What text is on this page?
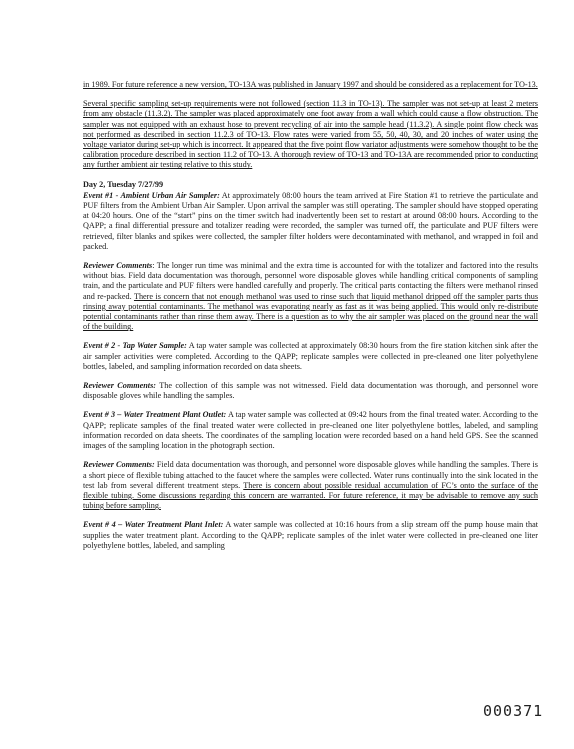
in 1989. For future reference a new version, TO-13A was published in January 1997 and should be considered as a replacement for TO-13.

Several specific sampling set-up requirements were not followed (section 11.3 in TO-13). The sampler was not set-up at least 2 meters from any obstacle (11.3.2). The sampler was placed approximately one foot away from a wall which could cause a flow obstruction. The sampler was not equipped with an exhaust hose to prevent recycling of air into the sample head (11.3.2). A single point flow check was not performed as described in section 11.2.3 of TO-13. Flow rates were varied from 55, 50, 40, 30, and 20 inches of water using the voltage variator during set-up which is incorrect. It appeared that the five point flow variator adjustments were somehow thought to be the calibration procedure described in section 11.2 of TO-13. A thorough review of TO-13 and TO-13A are recommended prior to conducting any further ambient air testing relative to this study.

Day 2, Tuesday 7/27/99

Event #1 - Ambient Urban Air Sampler: At approximately 08:00 hours the team arrived at Fire Station #1 to retrieve the particulate and PUF filters from the Ambient Urban Air Sampler. Upon arrival the sampler was still operating. The sampler should have stopped operating at 04:20 hours. One of the “start” pins on the timer switch had inadvertently been set to restart at around 08:00 hours. According to the QAPP; a final differential pressure and totalizer reading were recorded, the sampler was turned off, the particulate and PUF filters were retrieved, filter blanks and spikes were collected, the sampler filter holders were decontaminated with methanol, and wrapped in foil and packed.

Reviewer Comments: The longer run time was minimal and the extra time is accounted for with the totalizer and factored into the results without bias. Field data documentation was thorough, personnel wore disposable gloves while handling critical components of sampling train, and the particulate and PUF filters were handled carefully and properly. The critical parts contacting the filters were methanol rinsed and re-packed. There is concern that not enough methanol was used to rinse such that liquid methanol dripped off the sampler parts thus rinsing away potential contaminants. The methanol was evaporating nearly as fast as it was being applied. This would only re-distribute potential contaminants rather than rinse them away. There is a question as to why the air sampler was placed on the ground near the wall of the building.

Event # 2 - Tap Water Sample: A tap water sample was collected at approximately 08:30 hours from the fire station kitchen sink after the air sampler activities were completed. According to the QAPP; replicate samples were collected in pre-cleaned one liter polyethylene bottles, labeled, and sampling information recorded on data sheets.

Reviewer Comments: The collection of this sample was not witnessed. Field data documentation was thorough, and personnel wore disposable gloves while handling the samples.

Event # 3 – Water Treatment Plant Outlet: A tap water sample was collected at 09:42 hours from the final treated water. According to the QAPP; replicate samples of the final treated water were collected in pre-cleaned one liter polyethylene bottles, labeled, and sampling information recorded on data sheets. The coordinates of the sampling location were recorded based on a hand held GPS. See the scanned images of the sampling location in the photograph section.

Reviewer Comments: Field data documentation was thorough, and personnel wore disposable gloves while handling the samples. There is a short piece of flexible tubing attached to the faucet where the samples were collected. Water runs continually into the sink located in the test lab from several different treatment steps. There is concern about possible residual accumulation of FC’s onto the surface of the flexible tubing. Some discussions regarding this concern are warranted. For future reference, it may be advisable to remove any such tubing before sampling.

Event # 4 – Water Treatment Plant Inlet: A water sample was collected at 10:16 hours from a slip stream off the pump house main that supplies the water treatment plant. According to the QAPP; replicate samples of the inlet water were collected in pre-cleaned one liter polyethylene bottles, labeled, and sampling

000371
